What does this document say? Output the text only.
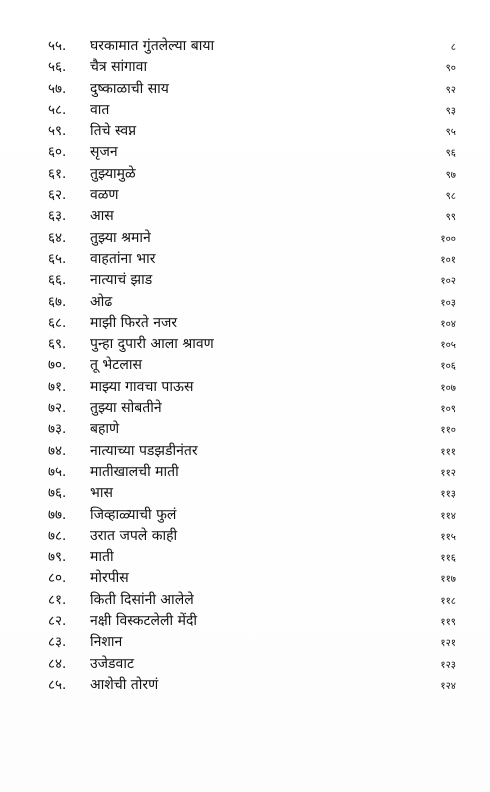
५५.	घरकामात गुंतलेल्या बाया	८
५६.	चैत्र सांगावा	९०
५७.	दुष्काळाची साय	९२
५८.	वात	९३
५९.	तिचे स्वप्न	९५
६०.	सृजन	९६
६१.	तुझ्यामुळे	९७
६२.	वळण	९८
६३.	आस	९९
६४.	तुझ्या श्रमाने	१००
६५.	वाहतांना भार	१०१
६६.	नात्याचं झाड	१०२
६७.	ओढ	१०३
६८.	माझी फिरते नजर	१०४
६९.	पुन्हा दुपारी आला श्रावण	१०५
७०.	तू भेटलास	१०६
७१.	माझ्या गावचा पाऊस	१०७
७२.	तुझ्या सोबतीने	१०९
७३.	बहाणे	११०
७४.	नात्याच्या पडझडीनंतर	१११
७५.	मातीखालची माती	११२
७६.	भास	११३
७७.	जिव्हाळ्याची फुलं	११४
७८.	उरात जपले काही	११५
७९.	माती	११६
८०.	मोरपीस	११७
८१.	किती दिसांनी आलेले	११८
८२.	नक्षी विस्कटलेली मेंदी	११९
८३.	निशान	१२१
८४.	उजेडवाट	१२३
८५.	आशेची तोरणं	१२४
